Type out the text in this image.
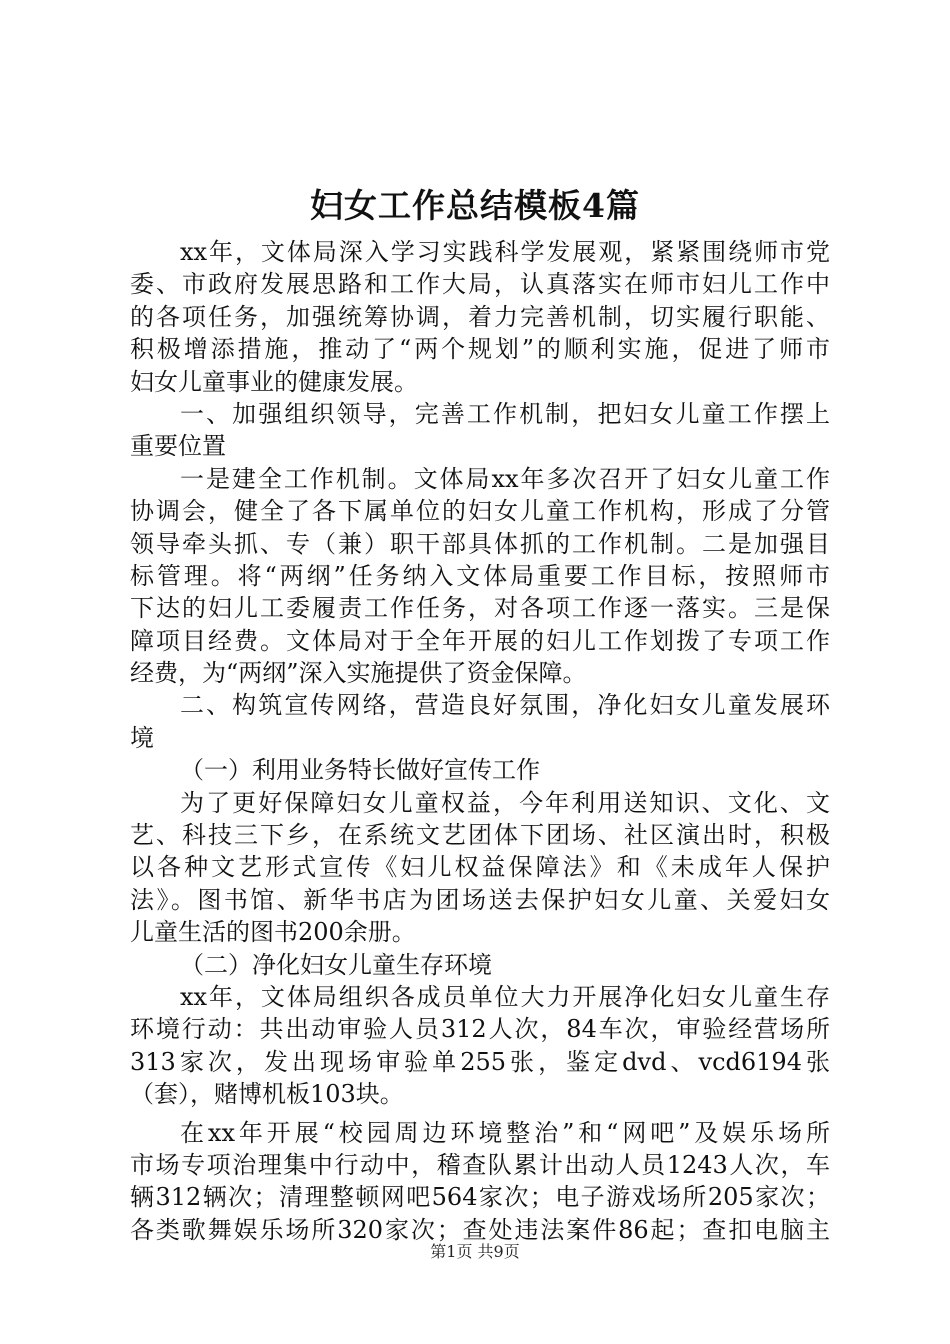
妇女工作总结模板4篇
xx年，文体局深入学习实践科学发展观，紧紧围绕师市党
委、市政府发展思路和工作大局，认真落实在师市妇儿工作中
的各项任务，加强统筹协调，着力完善机制，切实履行职能、
积极增添措施，推动了“两个规划”的顺利实施，促进了师市
妇女儿童事业的健康发展。
一、加强组织领导，完善工作机制，把妇女儿童工作摆上
重要位置
一是建全工作机制。文体局xx年多次召开了妇女儿童工作
协调会，健全了各下属单位的妇女儿童工作机构，形成了分管
领导牵头抓、专（兼）职干部具体抓的工作机制。二是加强目
标管理。将“两纲”任务纳入文体局重要工作目标，按照师市
下达的妇儿工委履责工作任务，对各项工作逐一落实。三是保
障项目经费。文体局对于全年开展的妇儿工作划拨了专项工作
经费，为“两纲”深入实施提供了资金保障。
二、构筑宣传网络，营造良好氛围，净化妇女儿童发展环
境
（一）利用业务特长做好宣传工作
为了更好保障妇女儿童权益，今年利用送知识、文化、文
艺、科技三下乡，在系统文艺团体下团场、社区演出时，积极
以各种文艺形式宣传《妇儿权益保障法》和《未成年人保护
法》。图书馆、新华书店为团场送去保护妇女儿童、关爱妇女
儿童生活的图书200余册。
（二）净化妇女儿童生存环境
xx年，文体局组织各成员单位大力开展净化妇女儿童生存
环境行动：共出动审验人员312人次，84车次，审验经营场所
313家次，发出现场审验单255张，鉴定dvd、vcd6194张
（套），赌博机板103块。
在xx年开展“校园周边环境整治”和“网吧”及娱乐场所
市场专项治理集中行动中，稽查队累计出动人员1243人次，车
辆312辆次；清理整顿网吧564家次；电子游戏场所205家次；
各类歌舞娱乐场所320家次；查处违法案件86起；查扣电脑主
第1页 共9页
